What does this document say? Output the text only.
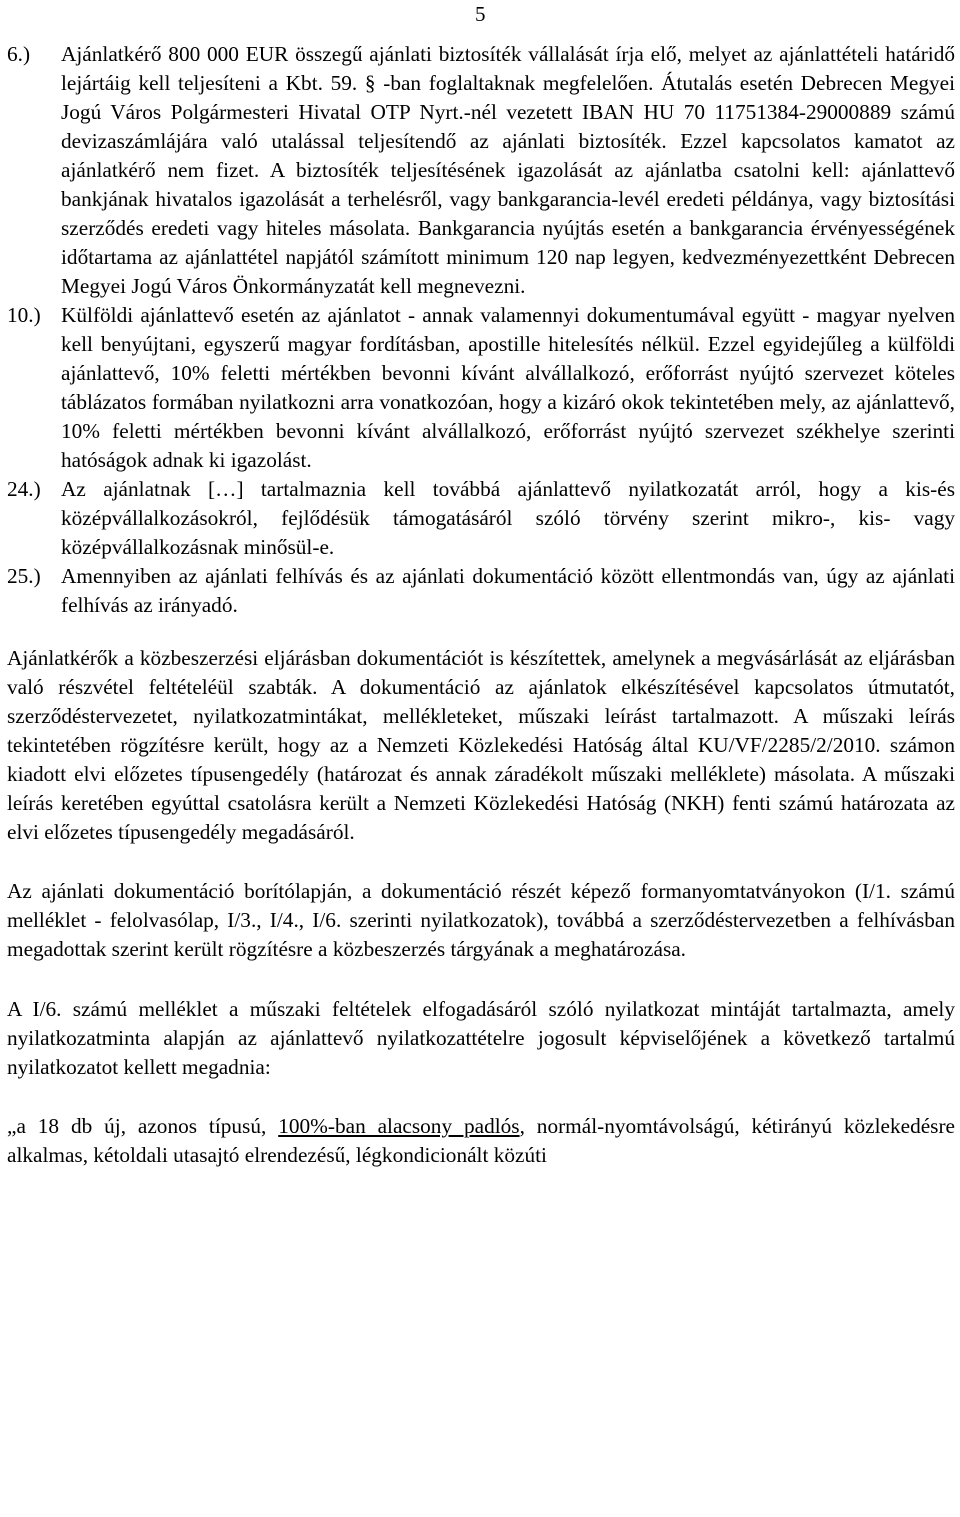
5
6.)	Ajánlatkérő 800 000 EUR összegű ajánlati biztosíték vállalását írja elő, melyet az ajánlattételi határidő lejártáig kell teljesíteni a Kbt. 59. § -ban foglaltaknak megfelelően. Átutalás esetén Debrecen Megyei Jogú Város Polgármesteri Hivatal OTP Nyrt.-nél vezetett IBAN HU 70 11751384-29000889 számú devizaszámlájára való utalással teljesítendő az ajánlati biztosíték. Ezzel kapcsolatos kamatot az ajánlatkérő nem fizet. A biztosíték teljesítésének igazolását az ajánlatba csatolni kell: ajánlattevő bankjának hivatalos igazolását a terhelésről, vagy bankgarancia-levél eredeti példánya, vagy biztosítási szerződés eredeti vagy hiteles másolata. Bankgarancia nyújtás esetén a bankgarancia érvényességének időtartama az ajánlattétel napjától számított minimum 120 nap legyen, kedvezményezettként Debrecen Megyei Jogú Város Önkormányzatát kell megnevezni.
10.) Külföldi ajánlattevő esetén az ajánlatot - annak valamennyi dokumentumával együtt - magyar nyelven kell benyújtani, egyszerű magyar fordításban, apostille hitelesítés nélkül. Ezzel egyidejűleg a külföldi ajánlattevő, 10% feletti mértékben bevonni kívánt alvállalkozó, erőforrást nyújtó szervezet köteles táblázatos formában nyilatkozni arra vonatkozóan, hogy a kizáró okok tekintetében mely, az ajánlattevő, 10% feletti mértékben bevonni kívánt alvállalkozó, erőforrást nyújtó szervezet székhelye szerinti hatóságok adnak ki igazolást.
24.) Az ajánlatnak […] tartalmaznia kell továbbá ajánlattevő nyilatkozatát arról, hogy a kis-és középvállalkozásokról, fejlődésük támogatásáról szóló törvény szerint mikro-, kis- vagy középvállalkozásnak minősül-e.
25.) Amennyiben az ajánlati felhívás és az ajánlati dokumentáció között ellentmondás van, úgy az ajánlati felhívás az irányadó.

Ajánlatkérők a közbeszerzési eljárásban dokumentációt is készítettek, amelynek a megvásárlását az eljárásban való részvétel feltételéül szabták. A dokumentáció az ajánlatok elkészítésével kapcsolatos útmutatót, szerződéstervezetet, nyilatkozatmintákat, mellékleteket, műszaki leírást tartalmazott. A műszaki leírás tekintetében rögzítésre került, hogy az a Nemzeti Közlekedési Hatóság által KU/VF/2285/2/2010. számon kiadott elvi előzetes típusengedély (határozat és annak záradékolt műszaki melléklete) másolata. A műszaki leírás keretében egyúttal csatolásra került a Nemzeti Közlekedési Hatóság (NKH) fenti számú határozata az elvi előzetes típusengedély megadásáról.

Az ajánlati dokumentáció borítólapján, a dokumentáció részét képező formanyomtatványokon (I/1. számú melléklet - felolvasólap, I/3., I/4., I/6. szerinti nyilatkozatok), továbbá a szerződéstervezetben a felhívásban megadottak szerint került rögzítésre a közbeszerzés tárgyának a meghatározása.

A I/6. számú melléklet a műszaki feltételek elfogadásáról szóló nyilatkozat mintáját tartalmazta, amely nyilatkozatminta alapján az ajánlattevő nyilatkozattételre jogosult képviselőjének a következő tartalmú nyilatkozatot kellett megadnia:

„a 18 db új, azonos típusú, 100%-ban alacsony padlós, normál-nyomtávolságú, kétirányú közlekedésre alkalmas, kétoldali utasajtó elrendezésű, légkondicionált közúti
